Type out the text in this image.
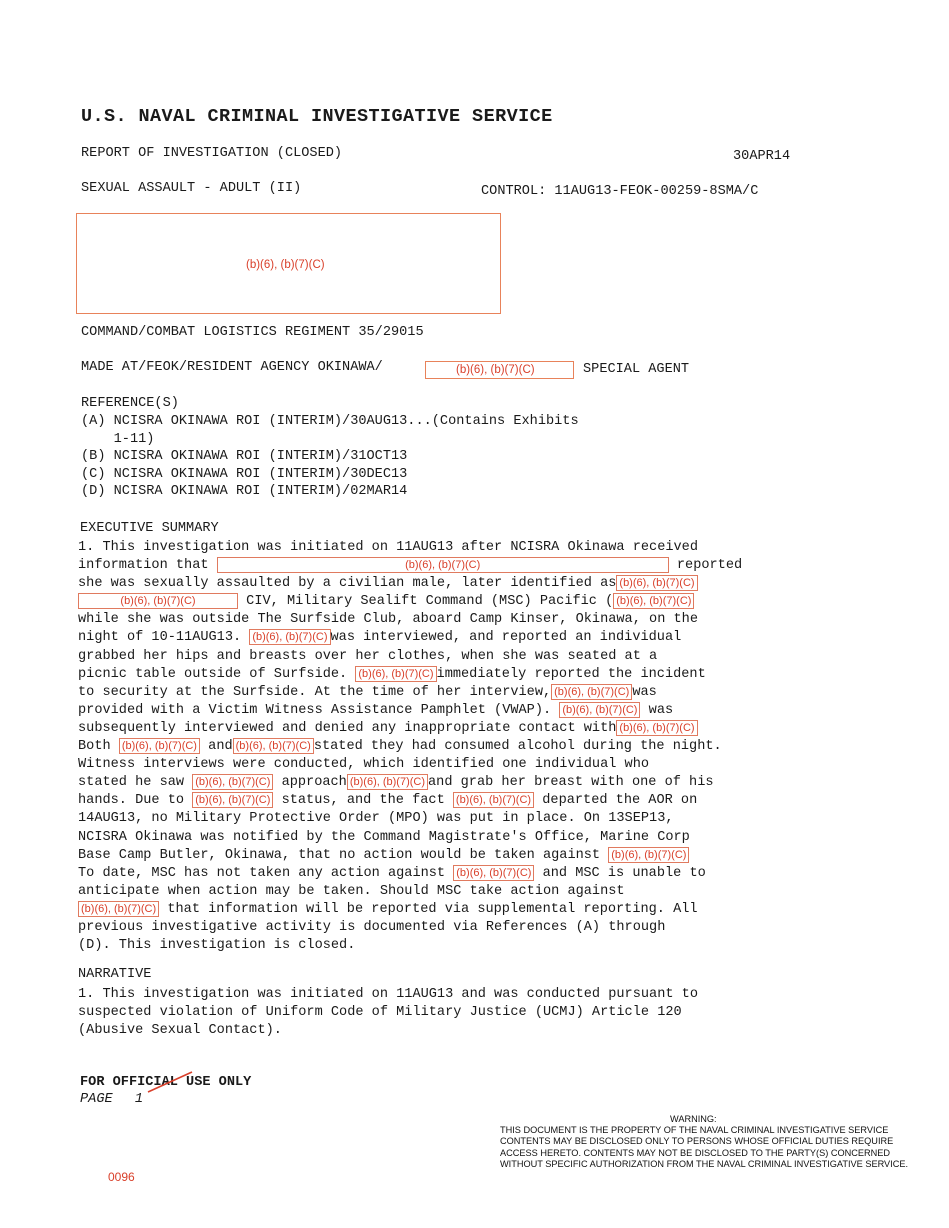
U.S. NAVAL CRIMINAL INVESTIGATIVE SERVICE
REPORT OF INVESTIGATION (CLOSED)	30APR14
SEXUAL ASSAULT - ADULT (II)	CONTROL: 11AUG13-FEOK-00259-8SMA/C
(b)(6), (b)(7)(C)
COMMAND/COMBAT LOGISTICS REGIMENT 35/29015
MADE AT/FEOK/RESIDENT AGENCY OKINAWA/	(b)(6), (b)(7)(C)	SPECIAL AGENT
REFERENCE(S)
(A) NCISRA OKINAWA ROI (INTERIM)/30AUG13...(Contains Exhibits
1-11)
(B) NCISRA OKINAWA ROI (INTERIM)/31OCT13
(C) NCISRA OKINAWA ROI (INTERIM)/30DEC13
(D) NCISRA OKINAWA ROI (INTERIM)/02MAR14
EXECUTIVE SUMMARY
1. This investigation was initiated on 11AUG13 after NCISRA Okinawa received
information that	(b)(6), (b)(7)(C)	reported
she was sexually assaulted by a civilian male, later identified as (b)(6), (b)(7)(C)
(b)(6), (b)(7)(C)	CIV, Military Sealift Command (MSC) Pacific ( (b)(6), (b)(7)(C)
while she was outside The Surfside Club, aboard Camp Kinser, Okinawa, on the
night of 10-11AUG13. (b)(6), (b)(7)(C) was interviewed, and reported an individual
grabbed her hips and breasts over her clothes, when she was seated at a
picnic table outside of Surfside. (b)(6), (b)(7)(C) immediately reported the incident
to security at the Surfside. At the time of her interview, (b)(6), (b)(7)(C) was
provided with a Victim Witness Assistance Pamphlet (VWAP). (b)(6), (b)(7)(C) was
subsequently interviewed and denied any inappropriate contact with (b)(6), (b)(7)(C)
Both (b)(6), (b)(7)(C) and (b)(6), (b)(7)(C) stated they had consumed alcohol during the night.
Witness interviews were conducted, which identified one individual who
stated he saw (b)(6), (b)(7)(C) approach (b)(6), (b)(7)(C) and grab her breast with one of his
hands. Due to (b)(6), (b)(7)(C) status, and the fact (b)(6), (b)(7)(C) departed the AOR on
14AUG13, no Military Protective Order (MPO) was put in place. On 13SEP13,
NCISRA Okinawa was notified by the Command Magistrate's Office, Marine Corp
Base Camp Butler, Okinawa, that no action would be taken against (b)(6), (b)(7)(C)
To date, MSC has not taken any action against (b)(6), (b)(7)(C) and MSC is unable to
anticipate when action may be taken. Should MSC take action against
(b)(6), (b)(7)(C) that information will be reported via supplemental reporting. All
previous investigative activity is documented via References (A) through
(D). This investigation is closed.
NARRATIVE
1. This investigation was initiated on 11AUG13 and was conducted pursuant to
suspected violation of Uniform Code of Military Justice (UCMJ) Article 120
(Abusive Sexual Contact).
FOR OFFICIAL USE ONLY
PAGE 1
WARNING:
THIS DOCUMENT IS THE PROPERTY OF THE NAVAL CRIMINAL INVESTIGATIVE SERVICE
CONTENTS MAY BE DISCLOSED ONLY TO PERSONS WHOSE OFFICIAL DUTIES REQUIRE
ACCESS HERETO. CONTENTS MAY NOT BE DISCLOSED TO THE PARTY(S) CONCERNED
WITHOUT SPECIFIC AUTHORIZATION FROM THE NAVAL CRIMINAL INVESTIGATIVE SERVICE.
0096
